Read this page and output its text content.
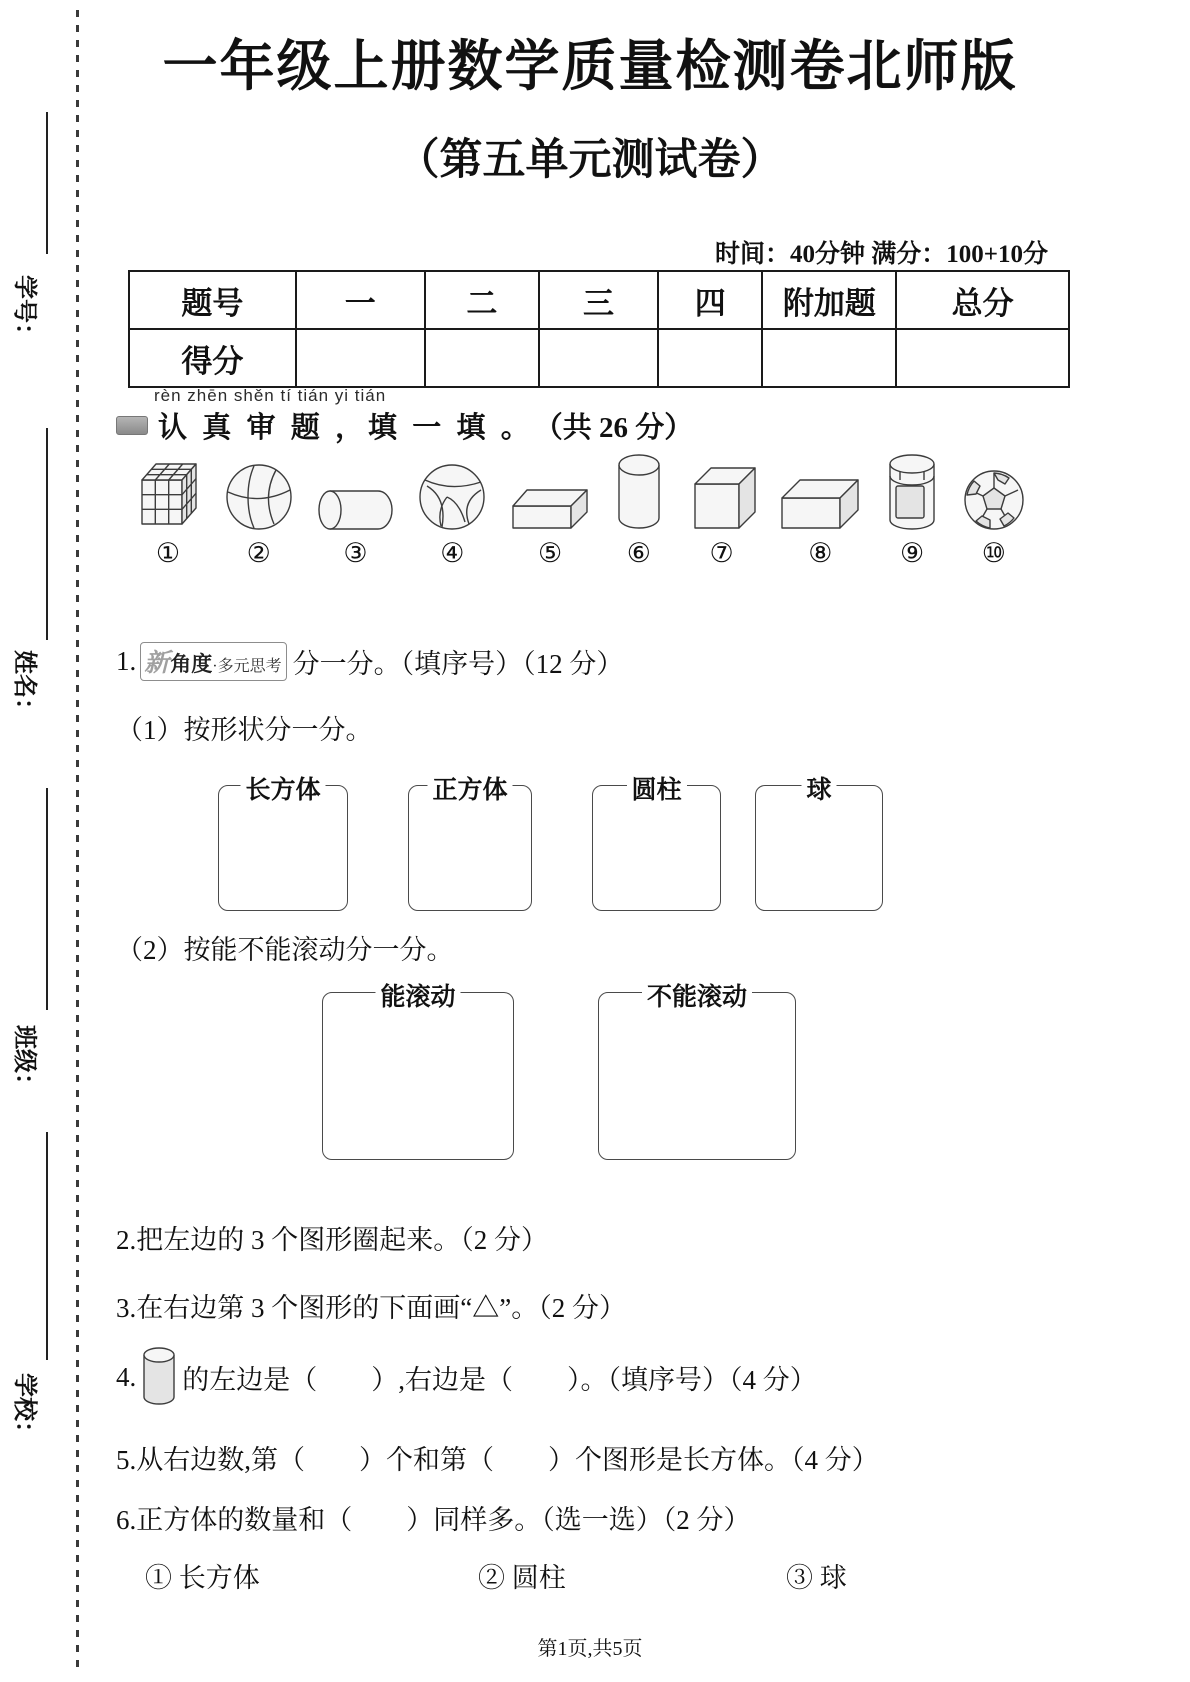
学号：
姓名：
班级：
学校：
一年级上册数学质量检测卷北师版
（第五单元测试卷）
时间：40分钟 满分：100+10分
题号	一	二	三	四	附加题	总分
得分						
rèn zhēn shěn tí tián yi tián
认 真 审 题 ，填 一 填 。 （共 26 分）
① ②	③	④	⑤ ⑥ ⑦	⑧	⑨ ⑩
1. 新 角度 ·多元思考 分一分。（填序号）（12 分）
（1）按形状分一分。
长方体	正方体	圆柱	球
（2）按能不能滚动分一分。
能滚动	不能滚动
2.把左边的 3 个图形圈起来。（2 分）
3.在右边第 3 个图形的下面画“△”。（2 分）
4. 的左边是（　　）,右边是（　　）。（填序号）（4 分）
5.从右边数,第（　　）个和第（　　）个图形是长方体。（4 分）
6.正方体的数量和（　　）同样多。（选一选）（2 分）
① 长方体	② 圆柱	③ 球
第1页,共5页
